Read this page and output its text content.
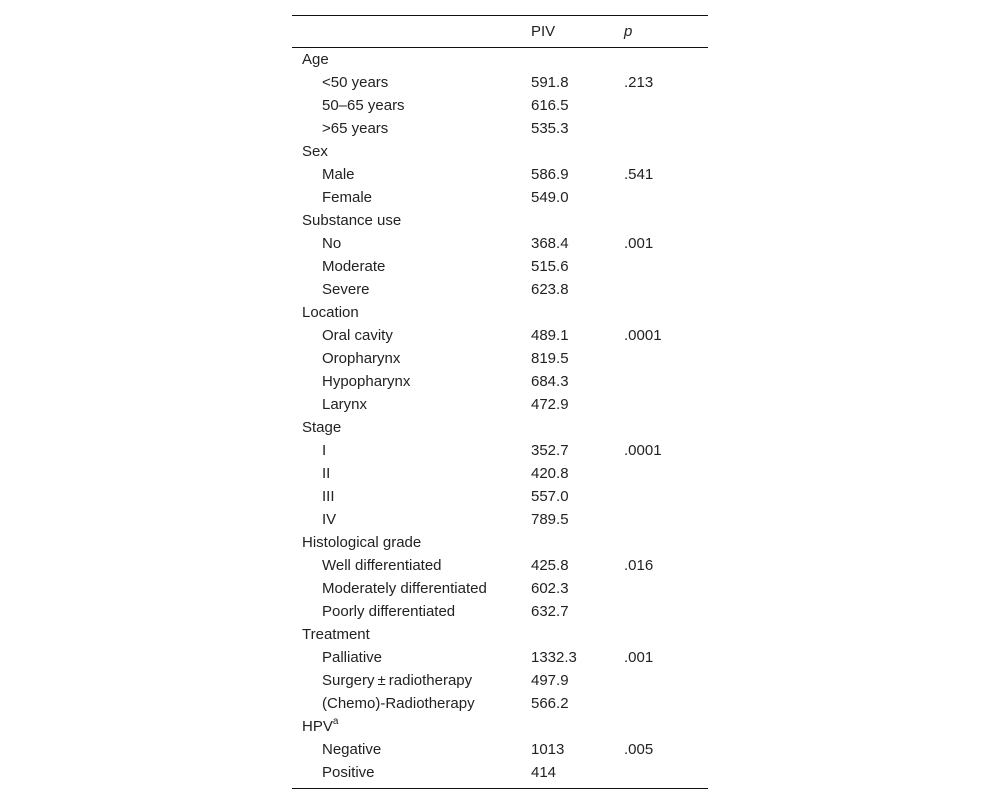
	PIV	p
Age		
<50 years	591.8	.213
50–65 years	616.5	
>65 years	535.3	
Sex		
Male	586.9	.541
Female	549.0	
Substance use		
No	368.4	.001
Moderate	515.6	
Severe	623.8	
Location		
Oral cavity	489.1	.0001
Oropharynx	819.5	
Hypopharynx	684.3	
Larynx	472.9	
Stage		
I	352.7	.0001
II	420.8	
III	557.0	
IV	789.5	
Histological grade		
Well differentiated	425.8	.016
Moderately differentiated	602.3	
Poorly differentiated	632.7	
Treatment		
Palliative	1332.3	.001
Surgery ± radiotherapy	497.9	
(Chemo)-Radiotherapy	566.2	
HPV$^a$		
Negative	1013	.005
Positive	414	
